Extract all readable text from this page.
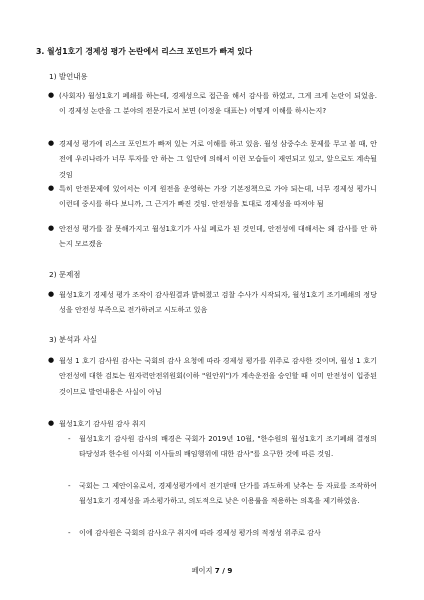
3. 월성1호기 경제성 평가 논란에서 리스크 포인트가 빠져 있다
1) 발언내용
● (사회자) 월성1호기 폐쇄를 하는데, 경제성으로 접근을 해서 감사를 하였고, 그게 크게 논란이 되었음. 이 경제성 논란을 그 분야의 전문가로서 보면 (이정윤 대표는) 어떻게 이해를 하시는지?
● 경제성 평가에 리스크 포인트가 빠져 있는 거로 이해를 하고 있음. 월성 삼중수소 문제를 무고 볼 때, 안전에 우리나라가 너무 투자를 안 하는 그 일단에 의해서 이런 모습들이 재연되고 있고, 앞으로도 계속될 것임
● 특히 안전문제에 있어서는 이게 원전을 운영하는 가장 기본정책으로 가야 되는데, 너무 경제성 평가니 이런데 중시를 하다 보니까, 그 근거가 빠진 것임. 안전성을 토대로 경제성을 따져야 됨
● 안전성 평가를 잘 못해가지고 월성1호기가 사실 폐로가 된 것인데, 안전성에 대해서는 왜 감사를 안 하는지 모르겠음
2) 문제점
● 월성1호기 경제성 평가 조작이 감사원결과 밝혀졌고 검찰 수사가 시작되자, 월성1호기 조기폐쇄의 정당성을 안전성 부족으로 전가하려고 시도하고 있음
3) 분석과 사실
● 월성 1 호기 감사원 감사는 국회의 감사 요청에 따라 경제성 평가를 위주로 감사한 것이며, 월성 1 호기 안전성에 대한 검토는 원자력안전위원회(이하 "원안위")가 계속운전을 승인할 때 이미 안전성이 입증된 것이므로 발언내용은 사실이 아님
● 월성1호기 감사원 감사 취지
- 월성1호기 감사원 감사의 배경은 국회가 2019년 10월, "한수원의 월성1호기 조기폐쇄 결정의 타당성과 한수원 이사회 이사들의 배임행위에 대한 감사"를 요구한 것에 따른 것임.
- 국회는 그 제안이유로서, 경제성평가에서 전기판매 단가를 과도하게 낮추는 등 자료를 조작하여 월성1호기 경제성을 과소평가하고, 의도적으로 낮은 이용률을 적용하는 의혹을 제기하였음.
- 이에 감사원은 국회의 감사요구 취지에 따라 경제성 평가의 적정성 위주로 감사
페이지 7 / 9
